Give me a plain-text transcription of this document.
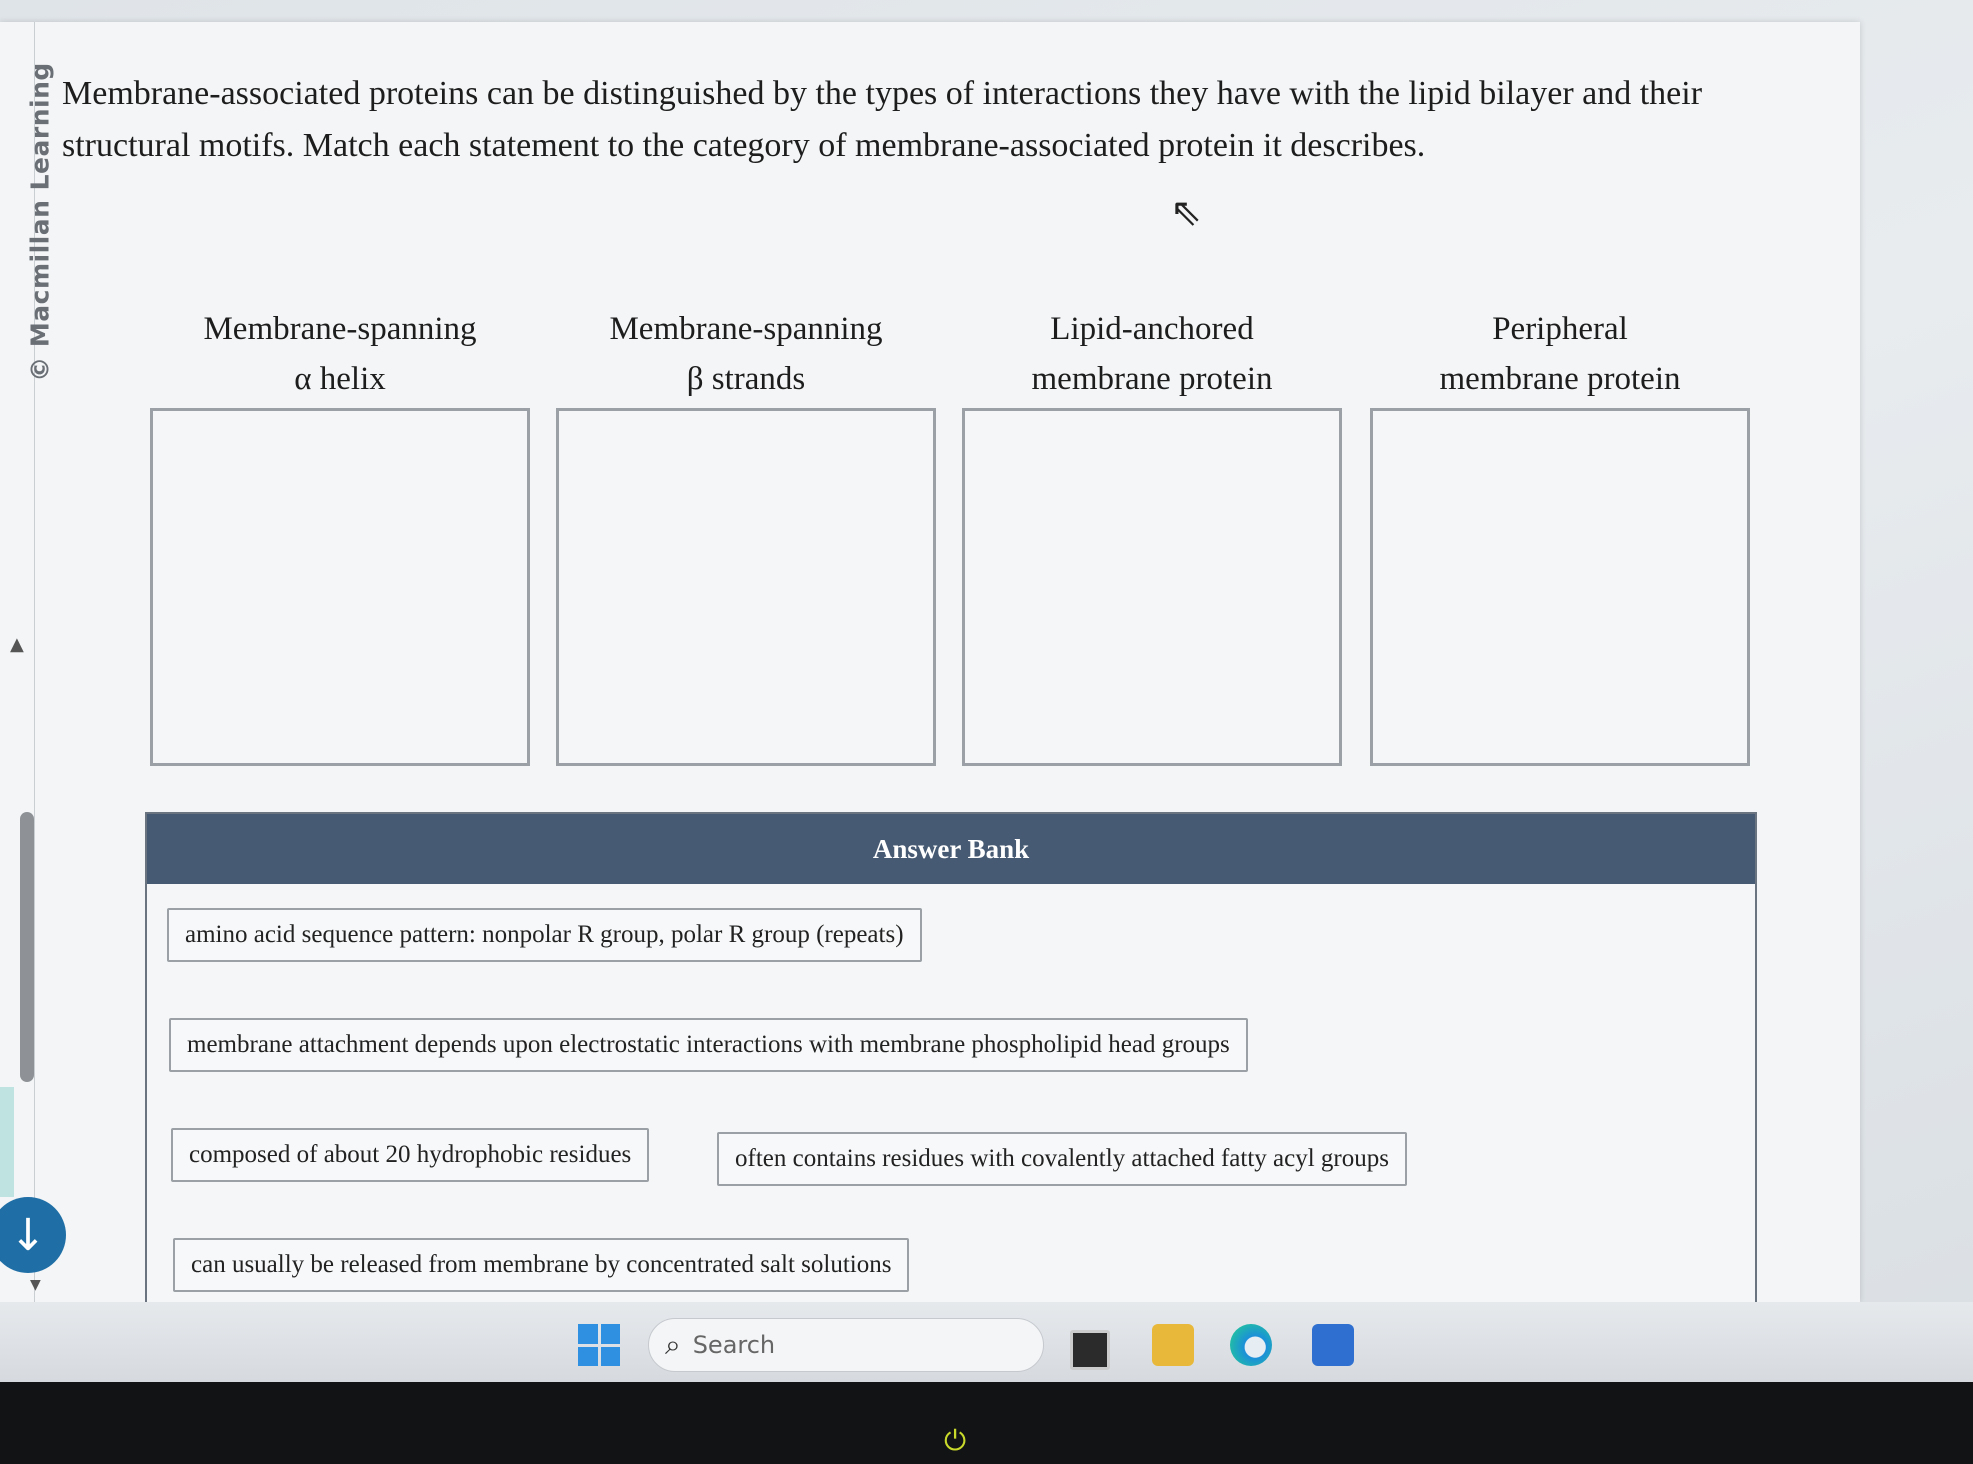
© Macmillan Learning
▲
↓
▼
Membrane-associated proteins can be distinguished by the types of interactions they have with the lipid bilayer and their structural motifs. Match each statement to the category of membrane-associated protein it describes.
⇖
Membrane-spanning
α helix
Membrane-spanning
β strands
Lipid-anchored
membrane protein
Peripheral
membrane protein
Answer Bank
amino acid sequence pattern: nonpolar R group, polar R group (repeats)
membrane attachment depends upon electrostatic interactions with membrane phospholipid head groups
composed of about 20 hydrophobic residues	often contains residues with covalently attached fatty acyl groups
can usually be released from membrane by concentrated salt solutions
⌕ Search
⏻
